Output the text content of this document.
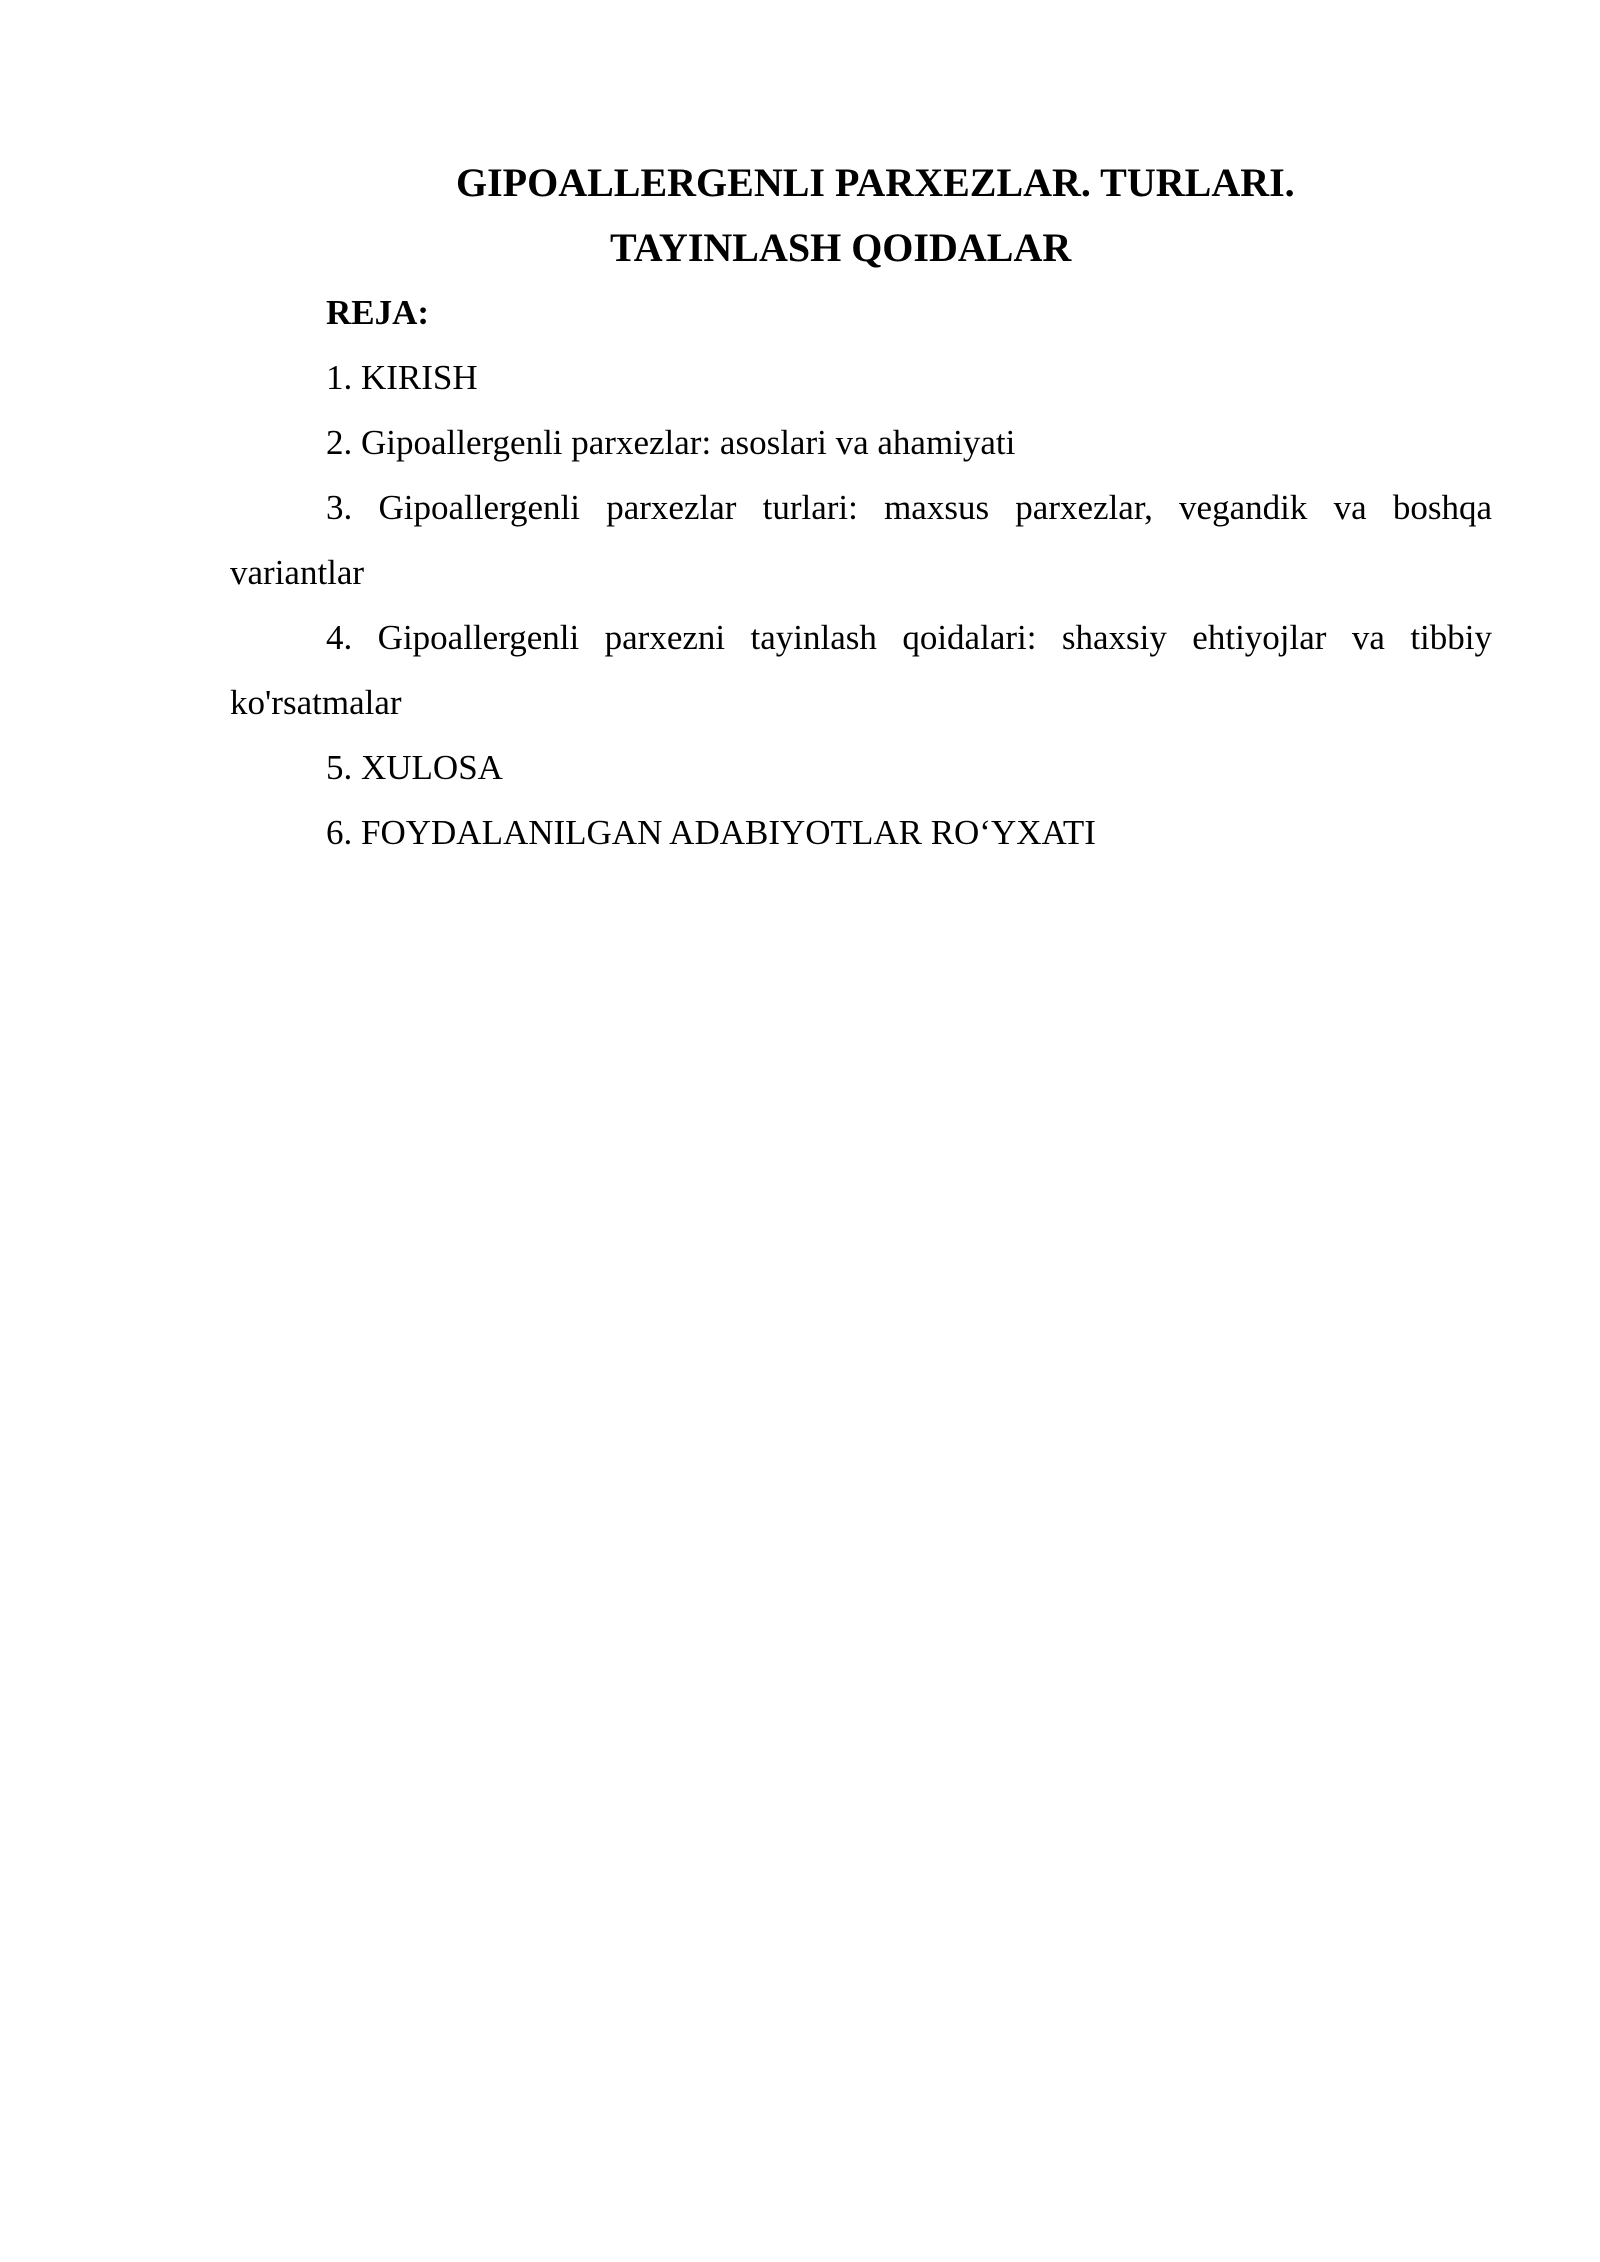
GIPOALLERGENLI PARXEZLAR. TURLARI.
TAYINLASH QOIDALAR

REJA:

1. KIRISH
2. Gipoallergenli parxezlar: asoslari va ahamiyati
3. Gipoallergenli parxezlar turlari: maxsus parxezlar, vegandik va boshqa variantlar
4. Gipoallergenli parxezni tayinlash qoidalari: shaxsiy ehtiyojlar va tibbiy ko'rsatmalar
5. XULOSA
6. FOYDALANILGAN ADABIYOTLAR RO‘YXATI
